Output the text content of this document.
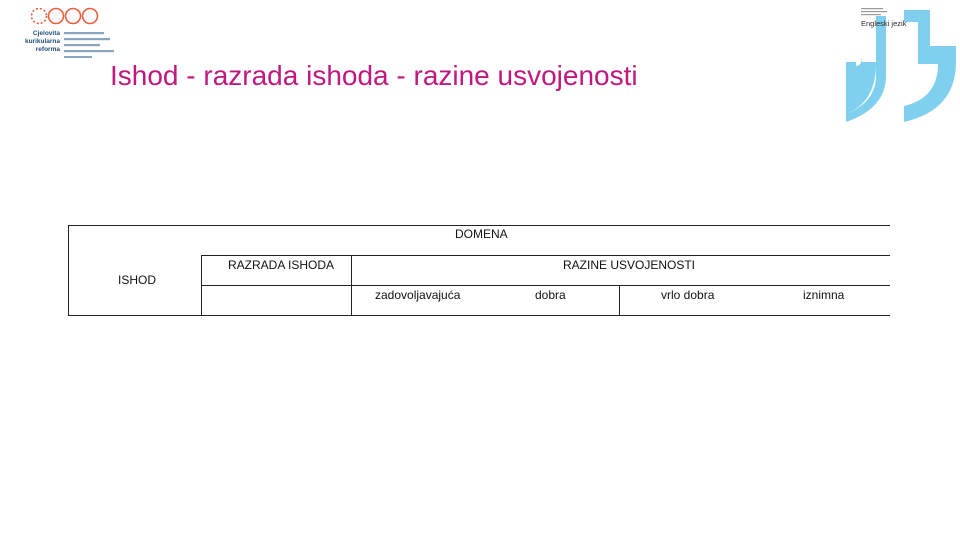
Cjelovita kurikularna reforma
Ishod - razrada ishoda - razine usvojenosti
Engleski jezik
DOMENA
ISHOD
RAZRADA ISHODA	RAZINE USVOJENOSTI
zadovoljavajuća	dobra	vrlo dobra	iznimna
